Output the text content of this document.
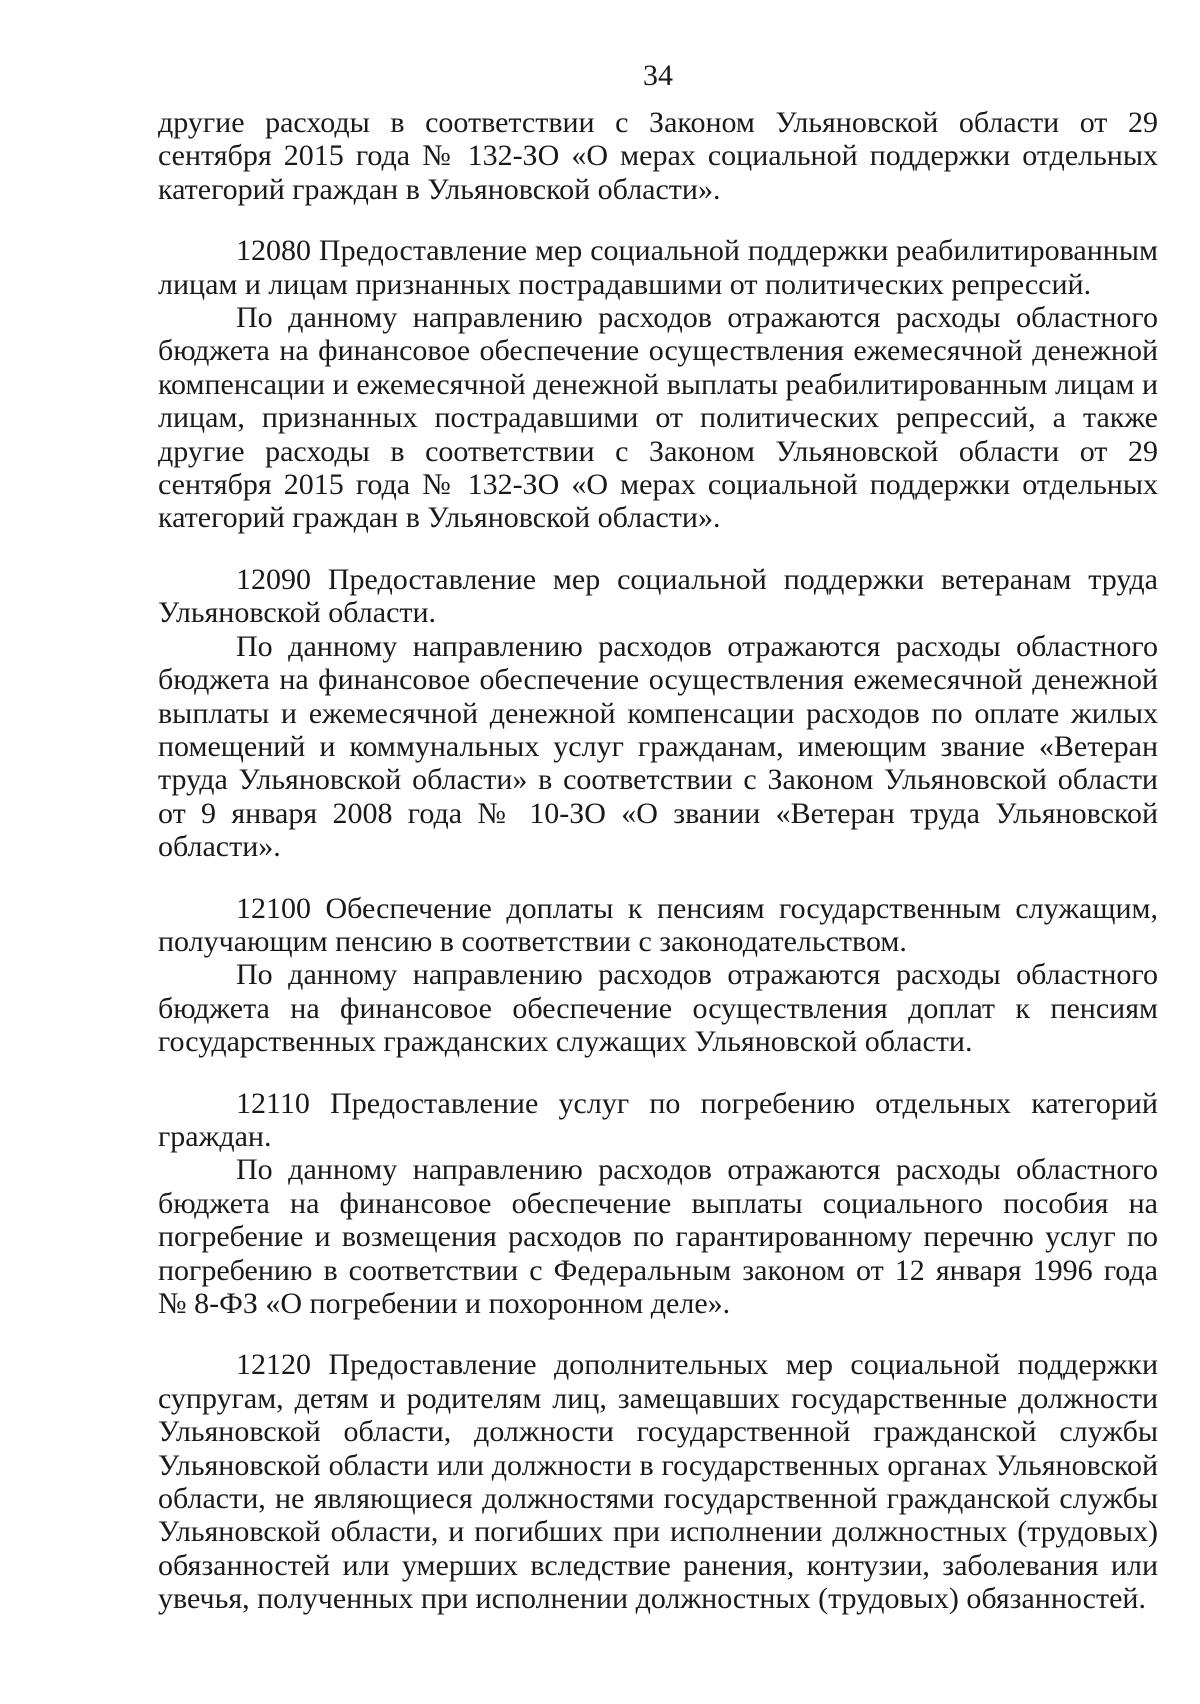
34

другие расходы в соответствии с Законом Ульяновской области от 29 сентября 2015 года № 132-ЗО «О мерах социальной поддержки отдельных категорий граждан в Ульяновской области».

12080 Предоставление мер социальной поддержки реабилитированным лицам и лицам признанных пострадавшими от политических репрессий.

По данному направлению расходов отражаются расходы областного бюджета на финансовое обеспечение осуществления ежемесячной денежной компенсации и ежемесячной денежной выплаты реабилитированным лицам и лицам, признанных пострадавшими от политических репрессий, а также другие расходы в соответствии с Законом Ульяновской области от 29 сентября 2015 года № 132-ЗО «О мерах социальной поддержки отдельных категорий граждан в Ульяновской области».

12090 Предоставление мер социальной поддержки ветеранам труда Ульяновской области.

По данному направлению расходов отражаются расходы областного бюджета на финансовое обеспечение осуществления ежемесячной денежной выплаты и ежемесячной денежной компенсации расходов по оплате жилых помещений и коммунальных услуг гражданам, имеющим звание «Ветеран труда Ульяновской области» в соответствии с Законом Ульяновской области от 9 января 2008 года № 10-ЗО «О звании «Ветеран труда Ульяновской области».

12100 Обеспечение доплаты к пенсиям государственным служащим, получающим пенсию в соответствии с законодательством.

По данному направлению расходов отражаются расходы областного бюджета на финансовое обеспечение осуществления доплат к пенсиям государственных гражданских служащих Ульяновской области.

12110 Предоставление услуг по погребению отдельных категорий граждан.

По данному направлению расходов отражаются расходы областного бюджета на финансовое обеспечение выплаты социального пособия на погребение и возмещения расходов по гарантированному перечню услуг по погребению в соответствии с Федеральным законом от 12 января 1996 года № 8-ФЗ «О погребении и похоронном деле».

12120 Предоставление дополнительных мер социальной поддержки супругам, детям и родителям лиц, замещавших государственные должности Ульяновской области, должности государственной гражданской службы Ульяновской области или должности в государственных органах Ульяновской области, не являющиеся должностями государственной гражданской службы Ульяновской области, и погибших при исполнении должностных (трудовых) обязанностей или умерших вследствие ранения, контузии, заболевания или увечья, полученных при исполнении должностных (трудовых) обязанностей.
